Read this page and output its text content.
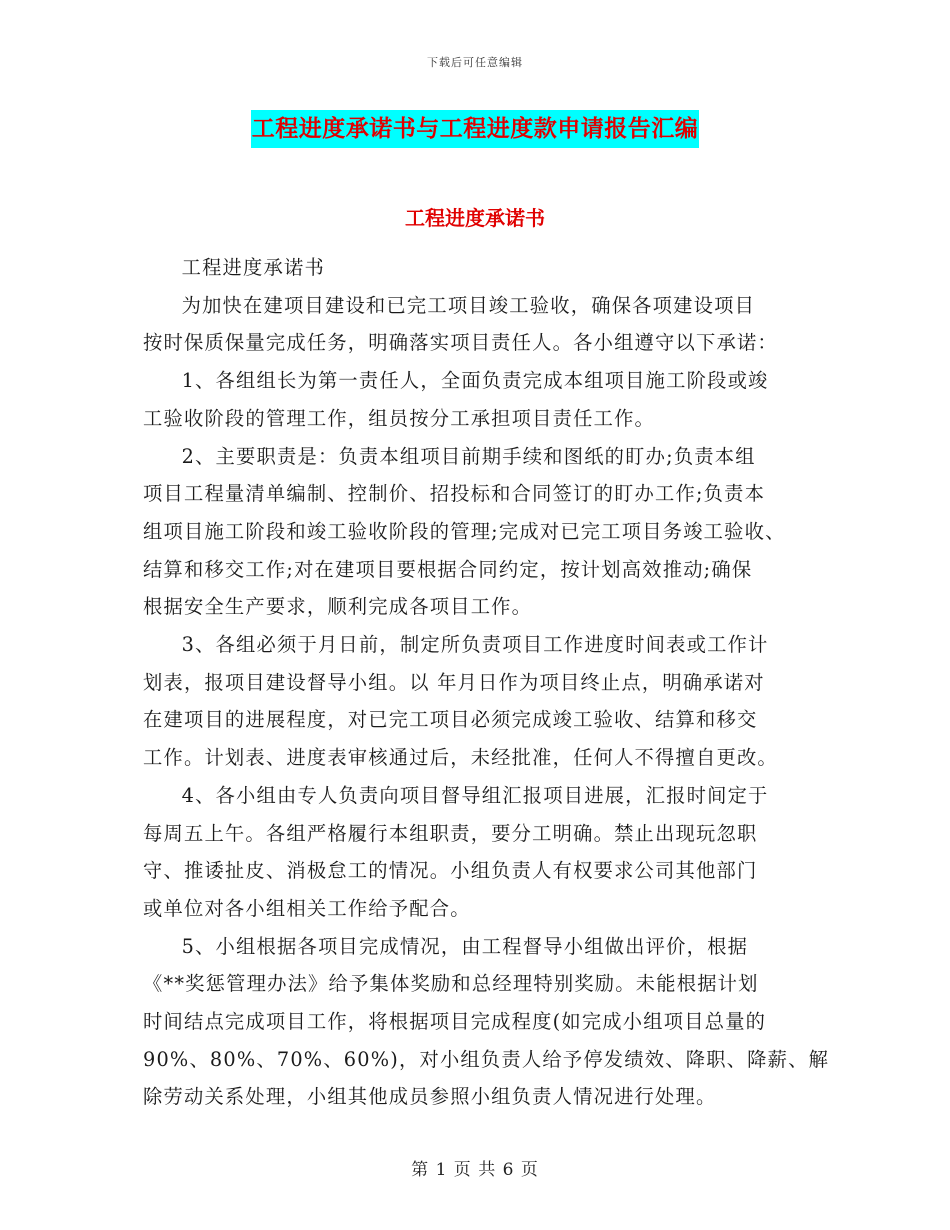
下载后可任意编辑
工程进度承诺书与工程进度款申请报告汇编
工程进度承诺书

工程进度承诺书

为加快在建项目建设和已完工项目竣工验收，确保各项建设项目
按时保质保量完成任务，明确落实项目责任人。各小组遵守以下承诺：

1、各组组长为第一责任人，全面负责完成本组项目施工阶段或竣
工验收阶段的管理工作，组员按分工承担项目责任工作。

2、主要职责是：负责本组项目前期手续和图纸的盯办;负责本组
项目工程量清单编制、控制价、招投标和合同签订的盯办工作;负责本
组项目施工阶段和竣工验收阶段的管理;完成对已完工项目务竣工验收、
结算和移交工作;对在建项目要根据合同约定，按计划高效推动;确保
根据安全生产要求，顺利完成各项目工作。

3、各组必须于月日前，制定所负责项目工作进度时间表或工作计
划表，报项目建设督导小组。以 年月日作为项目终止点，明确承诺对
在建项目的进展程度，对已完工项目必须完成竣工验收、结算和移交
工作。计划表、进度表审核通过后，未经批准，任何人不得擅自更改。

4、各小组由专人负责向项目督导组汇报项目进展，汇报时间定于
每周五上午。各组严格履行本组职责，要分工明确。禁止出现玩忽职
守、推诿扯皮、消极怠工的情况。小组负责人有权要求公司其他部门
或单位对各小组相关工作给予配合。

5、小组根据各项目完成情况，由工程督导小组做出评价，根据
《**奖惩管理办法》给予集体奖励和总经理特别奖励。未能根据计划
时间结点完成项目工作，将根据项目完成程度(如完成小组项目总量的
90%、80%、70%、60%)，对小组负责人给予停发绩效、降职、降薪、解
除劳动关系处理，小组其他成员参照小组负责人情况进行处理。

第 1 页 共 6 页
